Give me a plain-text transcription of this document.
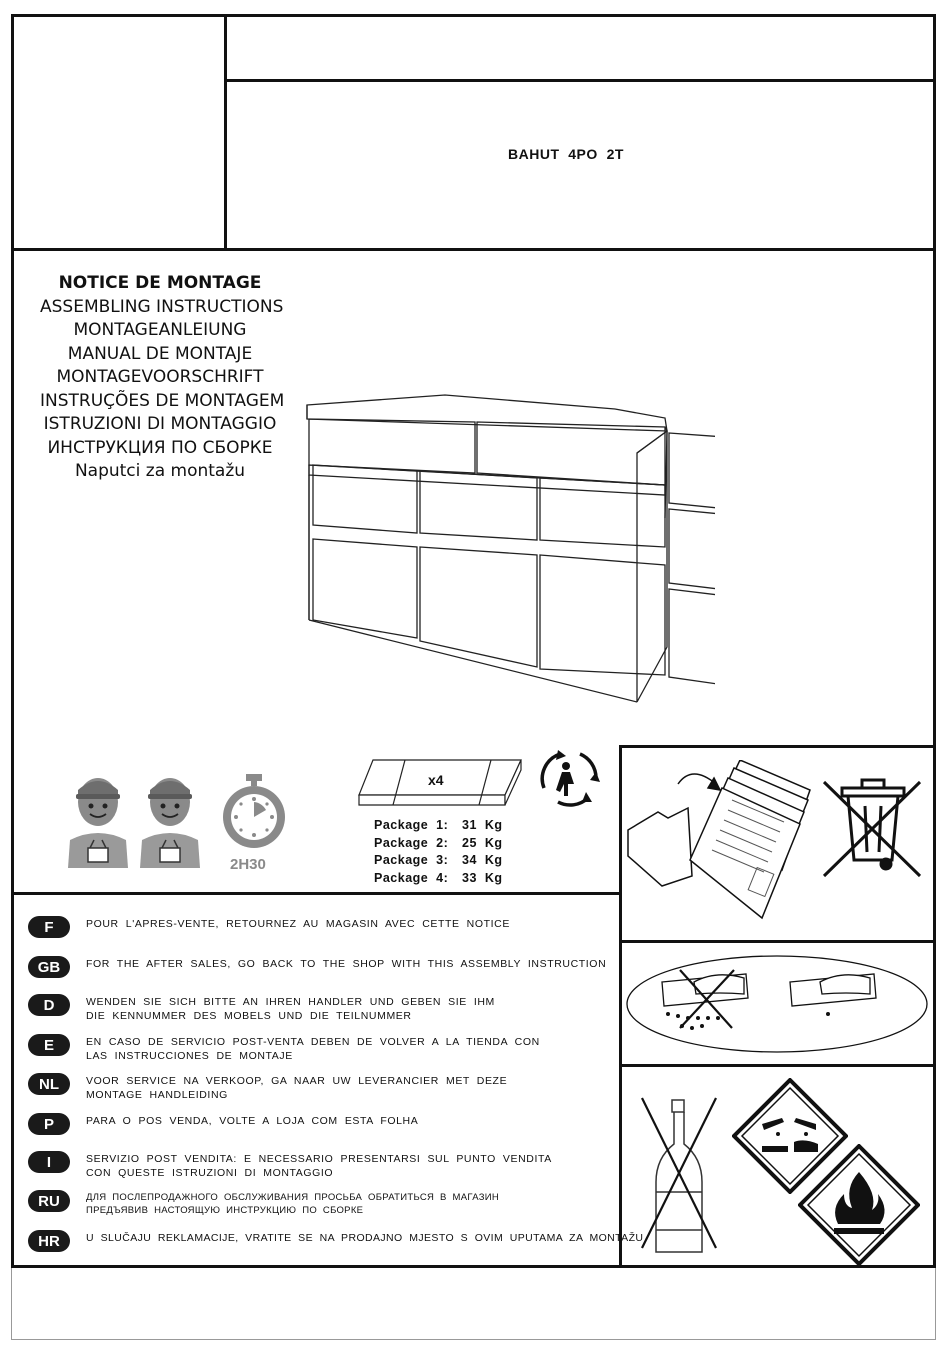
BAHUT  4PO  2T
NOTICE DE MONTAGE
ASSEMBLING INSTRUCTIONS
MONTAGEANLEIUNG
MANUAL DE MONTAJE
MONTAGEVOORSCHRIFT
INSTRUÇÕES DE MONTAGEM
ISTRUZIONI DI MONTAGGIO
ИНСТРУКЦИЯ ПО СБОРКЕ
Naputci za montažu
2H30
x4
Package  1: 31  Kg
Package  2: 25  Kg
Package  3: 34  Kg
Package  4: 33  Kg
F	POUR  L'APRES-VENTE,  RETOURNEZ  AU  MAGASIN  AVEC  CETTE  NOTICE
GB	FOR  THE  AFTER  SALES,  GO  BACK  TO  THE  SHOP  WITH  THIS  ASSEMBLY  INSTRUCTION
D	WENDEN  SIE  SICH  BITTE  AN  IHREN  HANDLER  UND  GEBEN  SIE  IHM
DIE  KENNUMMER  DES  MOBELS  UND  DIE  TEILNUMMER
E	EN  CASO  DE  SERVICIO  POST-VENTA  DEBEN  DE  VOLVER  A  LA  TIENDA  CON
LAS  INSTRUCCIONES  DE  MONTAJE
NL	VOOR  SERVICE  NA  VERKOOP,  GA  NAAR  UW  LEVERANCIER  MET  DEZE
MONTAGE  HANDLEIDING
P	PARA  O  POS  VENDA,  VOLTE  A  LOJA  COM  ESTA  FOLHA
I	SERVIZIO  POST  VENDITA:  E  NECESSARIO  PRESENTARSI  SUL  PUNTO  VENDITA
CON  QUESTE  ISTRUZIONI  DI  MONTAGGIO
RU	ДЛЯ  ПОСЛЕПРОДАЖНОГО  ОБСЛУЖИВАНИЯ  ПРОСЬБА  ОБРАТИТЬСЯ  В  МАГАЗИН
ПРЕДЪЯВИВ  НАСТОЯЩУЮ  ИНСТРУКЦИЮ  ПО  СБОРКЕ
HR	U  SLUČAJU  REKLAMACIJE,  VRATITE  SE  NA  PRODAJNO  MJESTO  S  OVIM  UPUTAMA  ZA  MONTAŽU
